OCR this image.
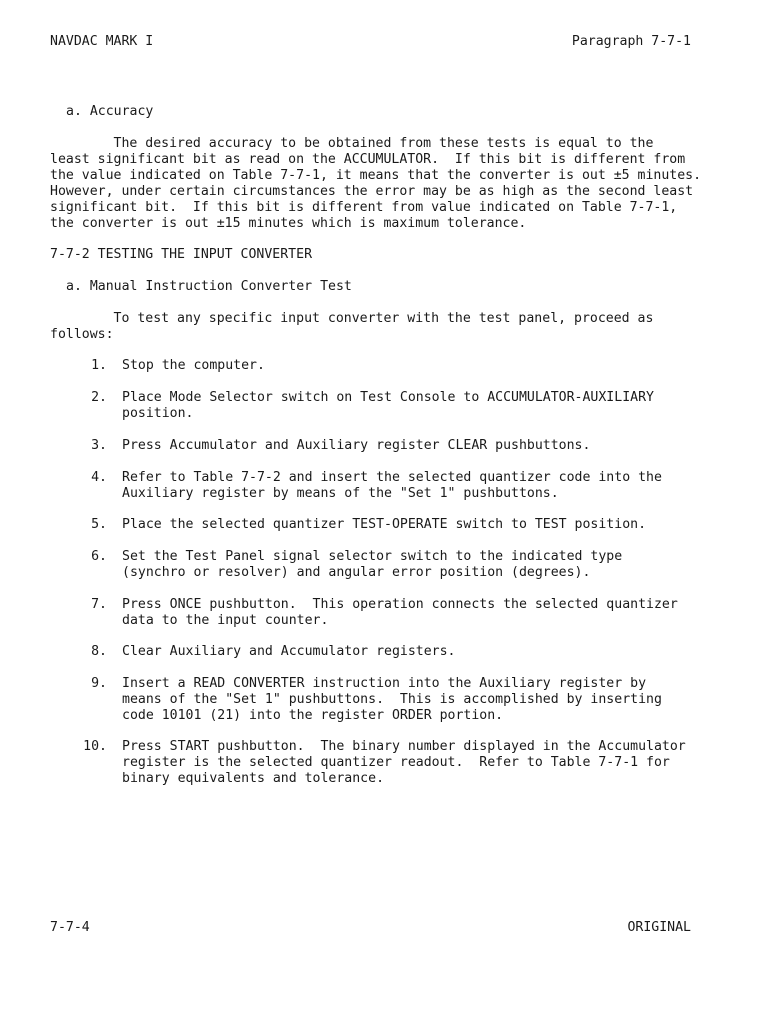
NAVDAC MARK I	Paragraph 7-7-1
a. Accuracy
The desired accuracy to be obtained from these tests is equal to the
least significant bit as read on the ACCUMULATOR.  If this bit is different from
the value indicated on Table 7-7-1, it means that the converter is out ±5 minutes.
However, under certain circumstances the error may be as high as the second least
significant bit.  If this bit is different from value indicated on Table 7-7-1,
the converter is out ±15 minutes which is maximum tolerance.
7-7-2 TESTING THE INPUT CONVERTER
a. Manual Instruction Converter Test
To test any specific input converter with the test panel, proceed as
follows:
1. Stop the computer.
2. Place Mode Selector switch on Test Console to ACCUMULATOR-AUXILIARY
position.
3. Press Accumulator and Auxiliary register CLEAR pushbuttons.
4. Refer to Table 7-7-2 and insert the selected quantizer code into the
Auxiliary register by means of the "Set 1" pushbuttons.
5. Place the selected quantizer TEST-OPERATE switch to TEST position.
6. Set the Test Panel signal selector switch to the indicated type
(synchro or resolver) and angular error position (degrees).
7. Press ONCE pushbutton.  This operation connects the selected quantizer
data to the input counter.
8. Clear Auxiliary and Accumulator registers.
9. Insert a READ CONVERTER instruction into the Auxiliary register by
means of the "Set 1" pushbuttons.  This is accomplished by inserting
code 10101 (21) into the register ORDER portion.
10. Press START pushbutton.  The binary number displayed in the Accumulator
register is the selected quantizer readout.  Refer to Table 7-7-1 for
binary equivalents and tolerance.
7-7-4	ORIGINAL
